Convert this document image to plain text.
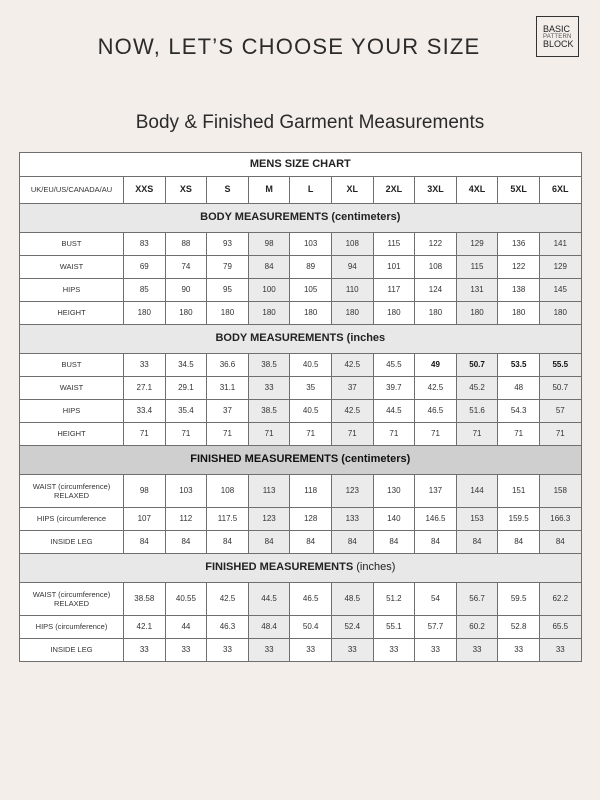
NOW, LET’S CHOOSE YOUR SIZE
BASIC
PATTERN
BLOCK
Body & Finished Garment Measurements
MENS SIZE CHART											
UK/EU/US/CANADA/AU	XXS	XS	S	M	L	XL	2XL	3XL	4XL	5XL	6XL
BODY MEASUREMENTS (centimeters)											
BUST	83	88	93	98	103	108	115	122	129	136	141
WAIST	69	74	79	84	89	94	101	108	115	122	129
HIPS	85	90	95	100	105	110	117	124	131	138	145
HEIGHT	180	180	180	180	180	180	180	180	180	180	180
BODY MEASUREMENTS (inches											
BUST	33	34.5	36.6	38.5	40.5	42.5	45.5	49	50.7	53.5	55.5
WAIST	27.1	29.1	31.1	33	35	37	39.7	42.5	45.2	48	50.7
HIPS	33.4	35.4	37	38.5	40.5	42.5	44.5	46.5	51.6	54.3	57
HEIGHT	71	71	71	71	71	71	71	71	71	71	71
FINISHED MEASUREMENTS (centimeters)											
WAIST (circumference) RELAXED	98	103	108	113	118	123	130	137	144	151	158
HIPS (circumference	107	112	117.5	123	128	133	140	146.5	153	159.5	166.3
INSIDE LEG	84	84	84	84	84	84	84	84	84	84	84
FINISHED MEASUREMENTS (inches)											
WAIST (circumference) RELAXED	38.58	40.55	42.5	44.5	46.5	48.5	51.2	54	56.7	59.5	62.2
HIPS (circumference)	42.1	44	46.3	48.4	50.4	52.4	55.1	57.7	60.2	52.8	65.5
INSIDE LEG	33	33	33	33	33	33	33	33	33	33	33
